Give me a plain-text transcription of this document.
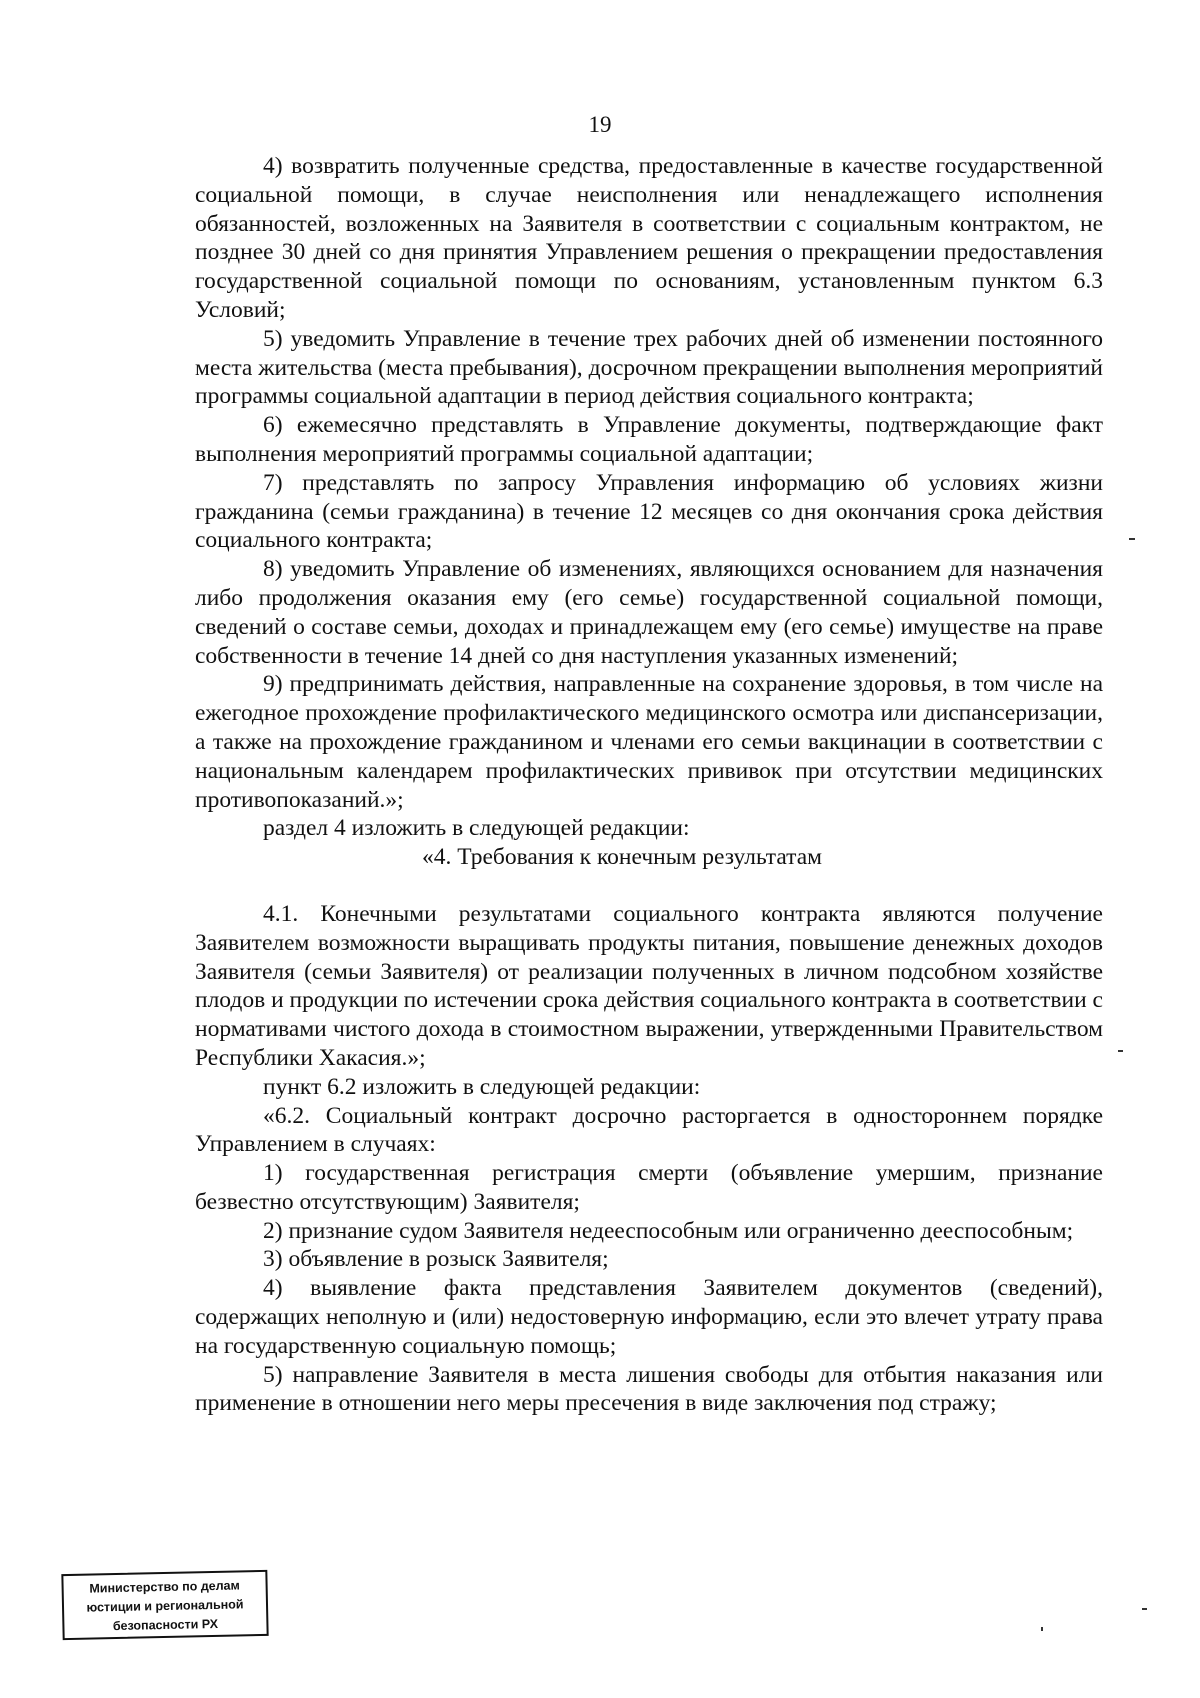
19

4) возвратить полученные средства, предоставленные в качестве государственной социальной помощи, в случае неисполнения или ненадлежащего исполнения обязанностей, возложенных на Заявителя в соответствии с социальным контрактом, не позднее 30 дней со дня принятия Управлением решения о прекращении предоставления государственной социальной помощи по основаниям, установленным пунктом 6.3 Условий;

5) уведомить Управление в течение трех рабочих дней об изменении постоянного места жительства (места пребывания), досрочном прекращении выполнения мероприятий программы социальной адаптации в период действия социального контракта;

6) ежемесячно представлять в Управление документы, подтверждающие факт выполнения мероприятий программы социальной адаптации;

7) представлять по запросу Управления информацию об условиях жизни гражданина (семьи гражданина) в течение 12 месяцев со дня окончания срока действия социального контракта;

8) уведомить Управление об изменениях, являющихся основанием для назначения либо продолжения оказания ему (его семье) государственной социальной помощи, сведений о составе семьи, доходах и принадлежащем ему (его семье) имуществе на праве собственности в течение 14 дней со дня наступления указанных изменений;

9) предпринимать действия, направленные на сохранение здоровья, в том числе на ежегодное прохождение профилактического медицинского осмотра или диспансеризации, а также на прохождение гражданином и членами его семьи вакцинации в соответствии с национальным календарем профилактических прививок при отсутствии медицинских противопоказаний.»;

раздел 4 изложить в следующей редакции:

«4. Требования к конечным результатам

4.1. Конечными результатами социального контракта являются получение Заявителем возможности выращивать продукты питания, повышение денежных доходов Заявителя (семьи Заявителя) от реализации полученных в личном подсобном хозяйстве плодов и продукции по истечении срока действия социального контракта в соответствии с нормативами чистого дохода в стоимостном выражении, утвержденными Правительством Республики Хакасия.»;

пункт 6.2 изложить в следующей редакции:

«6.2. Социальный контракт досрочно расторгается в одностороннем порядке Управлением в случаях:

1) государственная регистрация смерти (объявление умершим, признание безвестно отсутствующим) Заявителя;

2) признание судом Заявителя недееспособным или ограниченно дееспособным;

3) объявление в розыск Заявителя;

4) выявление факта представления Заявителем документов (сведений), содержащих неполную и (или) недостоверную информацию, если это влечет утрату права на государственную социальную помощь;

5) направление Заявителя в места лишения свободы для отбытия наказания или применение в отношении него меры пресечения в виде заключения под стражу;

Министерство по делам
юстиции и региональной
безопасности РХ
